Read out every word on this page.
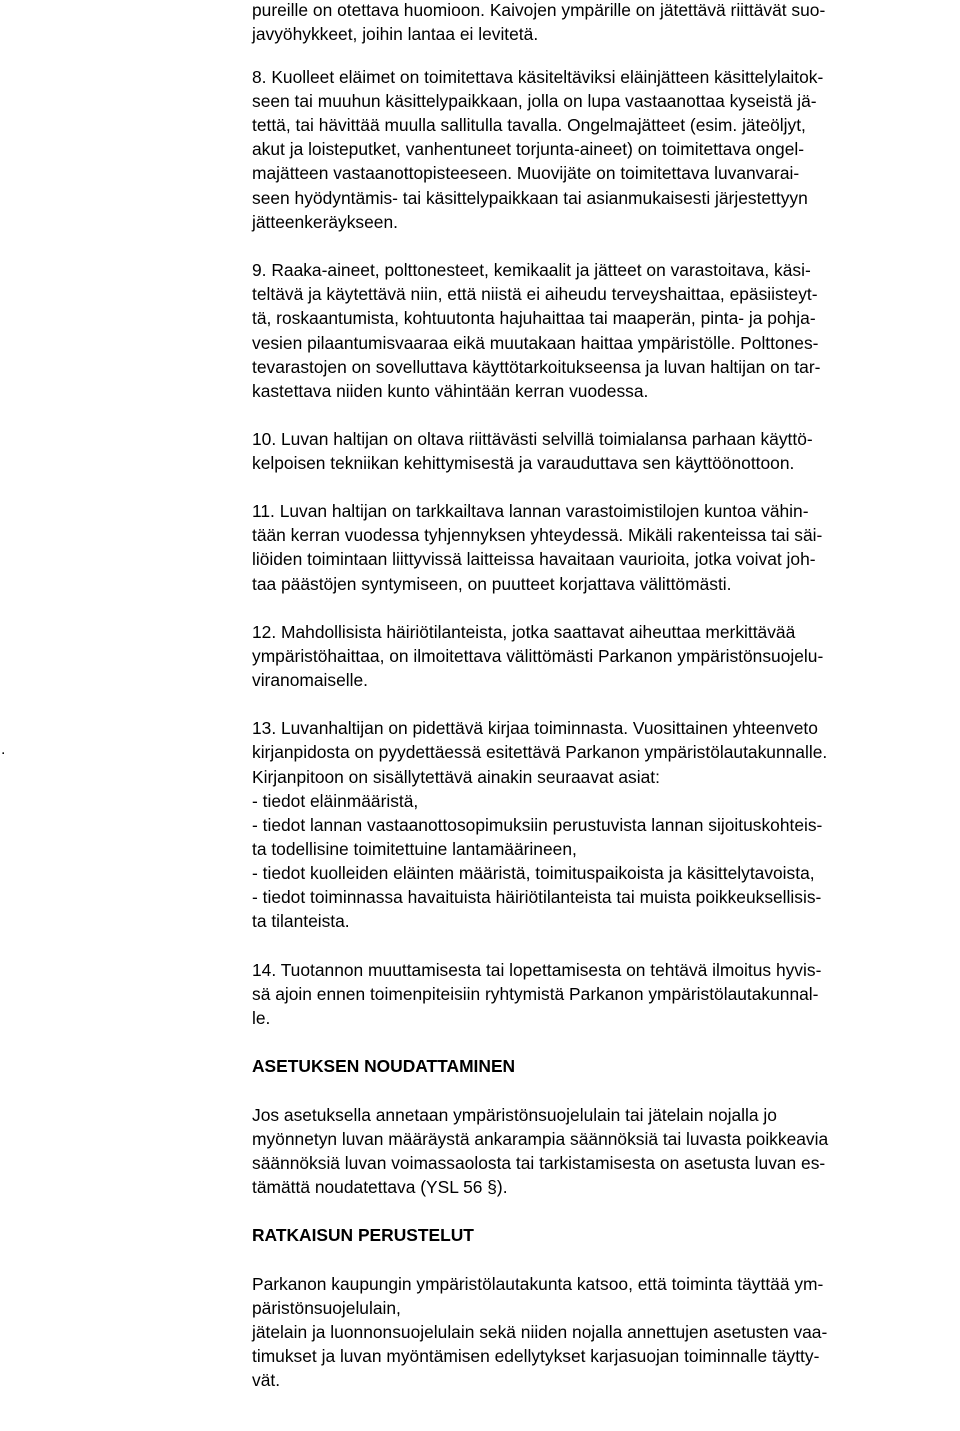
.

pureille on otettava huomioon. Kaivojen ympärille on jätettävä riittävät suo-

javyöhykkeet, joihin lantaa ei levitetä.

8. Kuolleet eläimet on toimitettava käsiteltäviksi eläinjätteen käsittelylaitok-

seen tai muuhun käsittelypaikkaan, jolla on lupa vastaanottaa kyseistä jä-

tettä, tai hävittää muulla sallitulla tavalla. Ongelmajätteet (esim. jäteöljyt,

akut ja loisteputket, vanhentuneet torjunta-aineet) on toimitettava ongel-

majätteen vastaanottopisteeseen. Muovijäte on toimitettava luvanvarai-

seen hyödyntämis- tai käsittelypaikkaan tai asianmukaisesti järjestettyyn

jätteenkeräykseen.

9. Raaka-aineet, polttonesteet, kemikaalit ja jätteet on varastoitava, käsi-

teltävä ja käytettävä niin, että niistä ei aiheudu terveyshaittaa, epäsiisteyt-

tä, roskaantumista, kohtuutonta hajuhaittaa tai maaperän, pinta- ja pohja-

vesien pilaantumisvaaraa eikä muutakaan haittaa ympäristölle. Polttones-

tevarastojen on sovelluttava käyttötarkoitukseensa ja luvan haltijan on tar-

kastettava niiden kunto vähintään kerran vuodessa.

10. Luvan haltijan on oltava riittävästi selvillä toimialansa parhaan käyttö-

kelpoisen tekniikan kehittymisestä ja varauduttava sen käyttöönottoon.

11. Luvan haltijan on tarkkailtava lannan varastoimistilojen kuntoa vähin-

tään kerran vuodessa tyhjennyksen yhteydessä. Mikäli rakenteissa tai säi-

liöiden toimintaan liittyvissä laitteissa havaitaan vaurioita, jotka voivat joh-

taa päästöjen syntymiseen, on puutteet korjattava välittömästi.

12. Mahdollisista häiriötilanteista, jotka saattavat aiheuttaa merkittävää

ympäristöhaittaa, on ilmoitettava välittömästi Parkanon ympäristönsuojelu-

viranomaiselle.

13. Luvanhaltijan on pidettävä kirjaa toiminnasta. Vuosittainen yhteenveto

kirjanpidosta on pyydettäessä esitettävä Parkanon ympäristölautakunnalle.

Kirjanpitoon on sisällytettävä ainakin seuraavat asiat:

- tiedot eläinmääristä,

- tiedot lannan vastaanottosopimuksiin perustuvista lannan sijoituskohteis-

ta todellisine toimitettuine lantamäärineen,

- tiedot kuolleiden eläinten määristä, toimituspaikoista ja käsittelytavoista,

- tiedot toiminnassa havaituista häiriötilanteista tai muista poikkeuksellisis-

ta tilanteista.

14. Tuotannon muuttamisesta tai lopettamisesta on tehtävä ilmoitus hyvis-

sä ajoin ennen toimenpiteisiin ryhtymistä Parkanon ympäristölautakunnal-

le.

ASETUKSEN NOUDATTAMINEN

Jos asetuksella annetaan ympäristönsuojelulain tai jätelain nojalla jo

myönnetyn luvan määräystä ankarampia säännöksiä tai luvasta poikkeavia

säännöksiä luvan voimassaolosta tai tarkistamisesta on asetusta luvan es-

tämättä noudatettava (YSL 56 §).

RATKAISUN PERUSTELUT

Parkanon kaupungin ympäristölautakunta katsoo, että toiminta täyttää ym-

päristönsuojelulain,

jätelain ja luonnonsuojelulain sekä niiden nojalla annettujen asetusten vaa-

timukset ja luvan myöntämisen edellytykset karjasuojan toiminnalle täytty-

vät.
